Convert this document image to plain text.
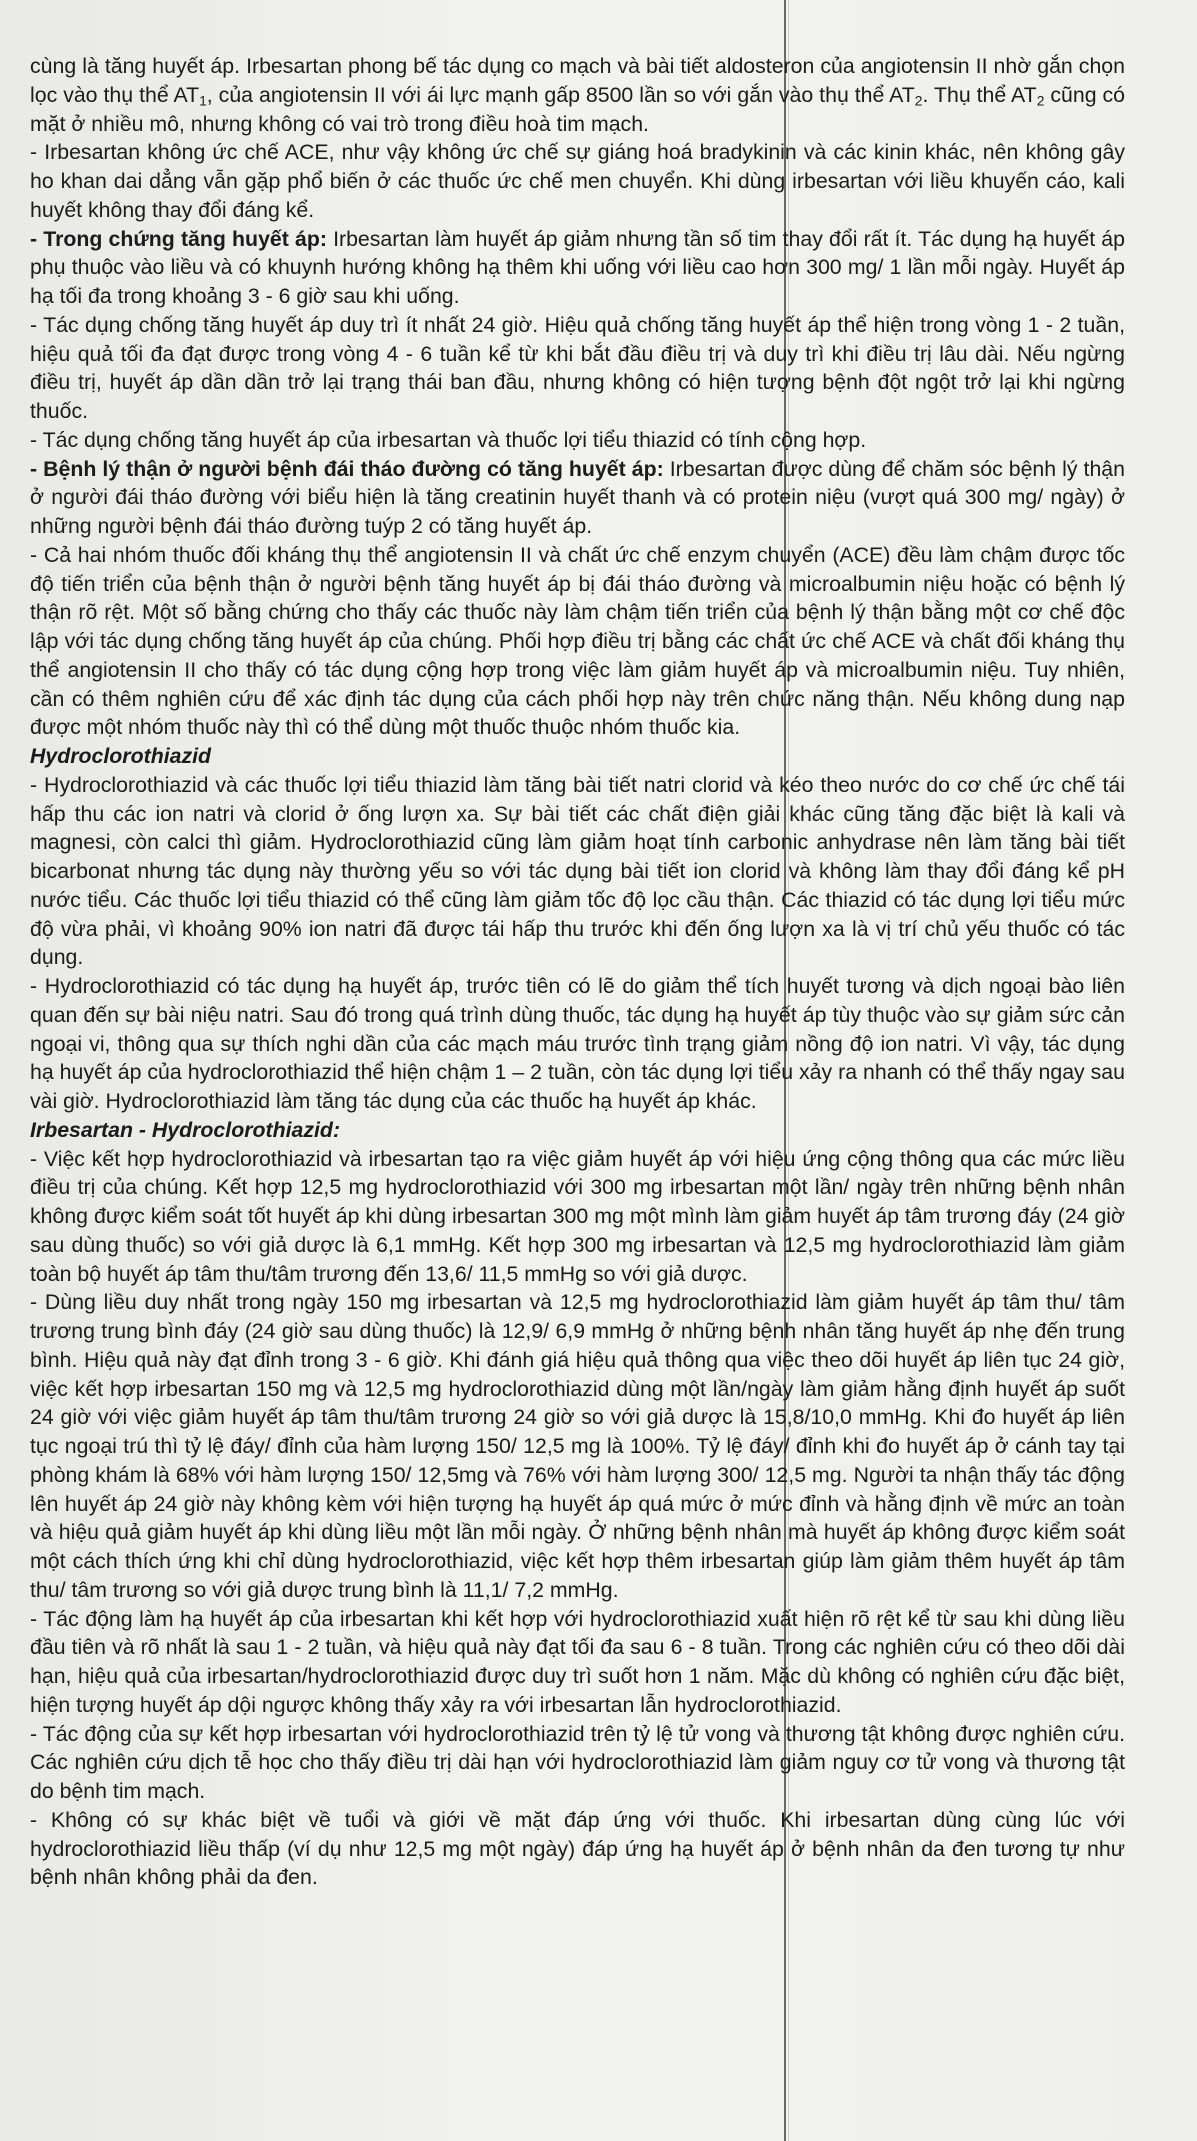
cùng là tăng huyết áp. Irbesartan phong bế tác dụng co mạch và bài tiết aldosteron của angiotensin II nhờ gắn chọn lọc vào thụ thể $AT_1$, của angiotensin II với ái lực mạnh gấp 8500 lần so với gắn vào thụ thể $AT_2$. Thụ thể $AT_2$ cũng có mặt ở nhiều mô, nhưng không có vai trò trong điều hoà tim mạch.

- Irbesartan không ức chế ACE, như vậy không ức chế sự giáng hoá bradykinin và các kinin khác, nên không gây ho khan dai dẳng vẫn gặp phổ biến ở các thuốc ức chế men chuyển. Khi dùng irbesartan với liều khuyến cáo, kali huyết không thay đổi đáng kể.

- Trong chứng tăng huyết áp: Irbesartan làm huyết áp giảm nhưng tần số tim thay đổi rất ít. Tác dụng hạ huyết áp phụ thuộc vào liều và có khuynh hướng không hạ thêm khi uống với liều cao hơn 300 mg/ 1 lần mỗi ngày. Huyết áp hạ tối đa trong khoảng 3 - 6 giờ sau khi uống.

- Tác dụng chống tăng huyết áp duy trì ít nhất 24 giờ. Hiệu quả chống tăng huyết áp thể hiện trong vòng 1 - 2 tuần, hiệu quả tối đa đạt được trong vòng 4 - 6 tuần kể từ khi bắt đầu điều trị và duy trì khi điều trị lâu dài. Nếu ngừng điều trị, huyết áp dần dần trở lại trạng thái ban đầu, nhưng không có hiện tượng bệnh đột ngột trở lại khi ngừng thuốc.

- Tác dụng chống tăng huyết áp của irbesartan và thuốc lợi tiểu thiazid có tính cộng hợp.

- Bệnh lý thận ở người bệnh đái tháo đường có tăng huyết áp: Irbesartan được dùng để chăm sóc bệnh lý thận ở người đái tháo đường với biểu hiện là tăng creatinin huyết thanh và có protein niệu (vượt quá 300 mg/ ngày) ở những người bệnh đái tháo đường tuýp 2 có tăng huyết áp.

- Cả hai nhóm thuốc đối kháng thụ thể angiotensin II và chất ức chế enzym chuyển (ACE) đều làm chậm được tốc độ tiến triển của bệnh thận ở người bệnh tăng huyết áp bị đái tháo đường và microalbumin niệu hoặc có bệnh lý thận rõ rệt. Một số bằng chứng cho thấy các thuốc này làm chậm tiến triển của bệnh lý thận bằng một cơ chế độc lập với tác dụng chống tăng huyết áp của chúng. Phối hợp điều trị bằng các chất ức chế ACE và chất đối kháng thụ thể angiotensin II cho thấy có tác dụng cộng hợp trong việc làm giảm huyết áp và microalbumin niệu. Tuy nhiên, cần có thêm nghiên cứu để xác định tác dụng của cách phối hợp này trên chức năng thận. Nếu không dung nạp được một nhóm thuốc này thì có thể dùng một thuốc thuộc nhóm thuốc kia.

Hydroclorothiazid

- Hydroclorothiazid và các thuốc lợi tiểu thiazid làm tăng bài tiết natri clorid và kéo theo nước do cơ chế ức chế tái hấp thu các ion natri và clorid ở ống lượn xa. Sự bài tiết các chất điện giải khác cũng tăng đặc biệt là kali và magnesi, còn calci thì giảm. Hydroclorothiazid cũng làm giảm hoạt tính carbonic anhydrase nên làm tăng bài tiết bicarbonat nhưng tác dụng này thường yếu so với tác dụng bài tiết ion clorid và không làm thay đổi đáng kể pH nước tiểu. Các thuốc lợi tiểu thiazid có thể cũng làm giảm tốc độ lọc cầu thận. Các thiazid có tác dụng lợi tiểu mức độ vừa phải, vì khoảng 90% ion natri đã được tái hấp thu trước khi đến ống lượn xa là vị trí chủ yếu thuốc có tác dụng.

- Hydroclorothiazid có tác dụng hạ huyết áp, trước tiên có lẽ do giảm thể tích huyết tương và dịch ngoại bào liên quan đến sự bài niệu natri. Sau đó trong quá trình dùng thuốc, tác dụng hạ huyết áp tùy thuộc vào sự giảm sức cản ngoại vi, thông qua sự thích nghi dần của các mạch máu trước tình trạng giảm nồng độ ion natri. Vì vậy, tác dụng hạ huyết áp của hydroclorothiazid thể hiện chậm 1 – 2 tuần, còn tác dụng lợi tiểu xảy ra nhanh có thể thấy ngay sau vài giờ. Hydroclorothiazid làm tăng tác dụng của các thuốc hạ huyết áp khác.

Irbesartan - Hydroclorothiazid:

- Việc kết hợp hydroclorothiazid và irbesartan tạo ra việc giảm huyết áp với hiệu ứng cộng thông qua các mức liều điều trị của chúng. Kết hợp 12,5 mg hydroclorothiazid với 300 mg irbesartan một lần/ ngày trên những bệnh nhân không được kiểm soát tốt huyết áp khi dùng irbesartan 300 mg một mình làm giảm huyết áp tâm trương đáy (24 giờ sau dùng thuốc) so với giả dược là 6,1 mmHg. Kết hợp 300 mg irbesartan và 12,5 mg hydroclorothiazid làm giảm toàn bộ huyết áp tâm thu/tâm trương đến 13,6/ 11,5 mmHg so với giả dược.

- Dùng liều duy nhất trong ngày 150 mg irbesartan và 12,5 mg hydroclorothiazid làm giảm huyết áp tâm thu/ tâm trương trung bình đáy (24 giờ sau dùng thuốc) là 12,9/ 6,9 mmHg ở những bệnh nhân tăng huyết áp nhẹ đến trung bình. Hiệu quả này đạt đỉnh trong 3 - 6 giờ. Khi đánh giá hiệu quả thông qua việc theo dõi huyết áp liên tục 24 giờ, việc kết hợp irbesartan 150 mg và 12,5 mg hydroclorothiazid dùng một lần/ngày làm giảm hằng định huyết áp suốt 24 giờ với việc giảm huyết áp tâm thu/tâm trương 24 giờ so với giả dược là 15,8/10,0 mmHg. Khi đo huyết áp liên tục ngoại trú thì tỷ lệ đáy/ đỉnh của hàm lượng 150/ 12,5 mg là 100%. Tỷ lệ đáy/ đỉnh khi đo huyết áp ở cánh tay tại phòng khám là 68% với hàm lượng 150/ 12,5mg và 76% với hàm lượng 300/ 12,5 mg. Người ta nhận thấy tác động lên huyết áp 24 giờ này không kèm với hiện tượng hạ huyết áp quá mức ở mức đỉnh và hằng định về mức an toàn và hiệu quả giảm huyết áp khi dùng liều một lần mỗi ngày. Ở những bệnh nhân mà huyết áp không được kiểm soát một cách thích ứng khi chỉ dùng hydroclorothiazid, việc kết hợp thêm irbesartan giúp làm giảm thêm huyết áp tâm thu/ tâm trương so với giả dược trung bình là 11,1/ 7,2 mmHg.

- Tác động làm hạ huyết áp của irbesartan khi kết hợp với hydroclorothiazid xuất hiện rõ rệt kể từ sau khi dùng liều đầu tiên và rõ nhất là sau 1 - 2 tuần, và hiệu quả này đạt tối đa sau 6 - 8 tuần. Trong các nghiên cứu có theo dõi dài hạn, hiệu quả của irbesartan/hydroclorothiazid được duy trì suốt hơn 1 năm. Mặc dù không có nghiên cứu đặc biệt, hiện tượng huyết áp dội ngược không thấy xảy ra với irbesartan lẫn hydroclorothiazid.

- Tác động của sự kết hợp irbesartan với hydroclorothiazid trên tỷ lệ tử vong và thương tật không được nghiên cứu. Các nghiên cứu dịch tễ học cho thấy điều trị dài hạn với hydroclorothiazid làm giảm nguy cơ tử vong và thương tật do bệnh tim mạch.

- Không có sự khác biệt về tuổi và giới về mặt đáp ứng với thuốc. Khi irbesartan dùng cùng lúc với hydroclorothiazid liều thấp (ví dụ như 12,5 mg một ngày) đáp ứng hạ huyết áp ở bệnh nhân da đen tương tự như bệnh nhân không phải da đen.
